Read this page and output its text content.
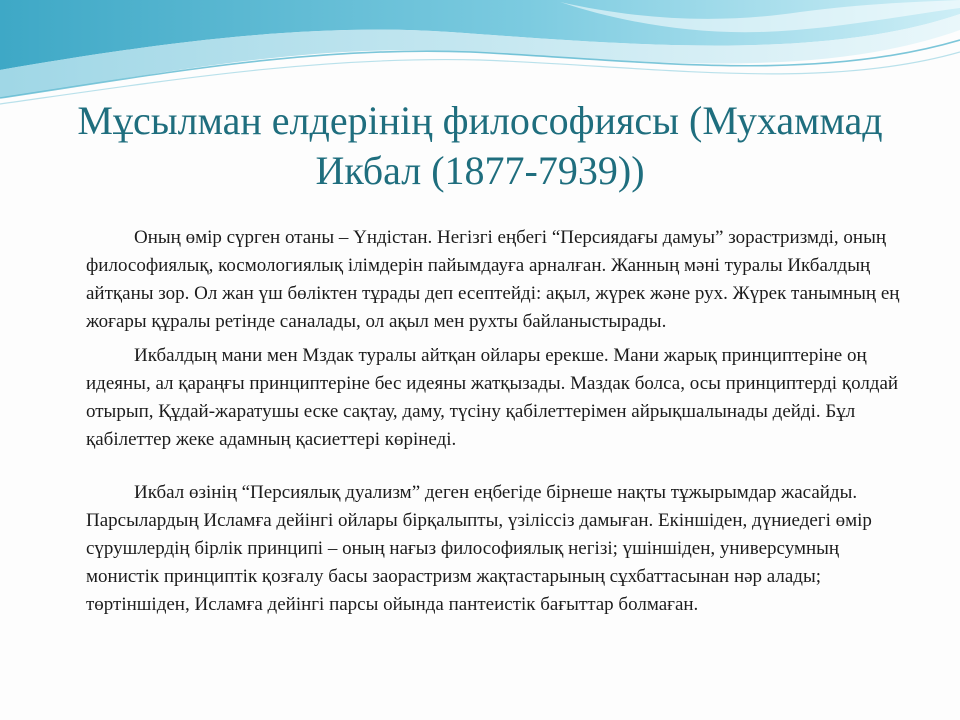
Мұсылман елдерінің философиясы (Мухаммад Икбал (1877-7939))

Оның өмір сүрген отаны – Үндістан. Негізгі еңбегі “Персиядағы дамуы” зорастризмді, оның философиялық, космологиялық ілімдерін пайымдауға арналған. Жанның мәні туралы Икбалдың айтқаны зор. Ол жан үш бөліктен тұрады деп есептейді: ақыл, жүрек және рух. Жүрек танымның ең жоғары құралы ретінде саналады, ол ақыл мен рухты байланыстырады.

Икбалдың мани мен Мздак туралы айтқан ойлары ерекше. Мани жарық принциптеріне оң идеяны, ал қараңғы принциптеріне бес идеяны жатқызады. Маздак болса, осы принциптерді қолдай отырып, Құдай-жаратушы еске сақтау, даму, түсіну қабілеттерімен айрықшалынады дейді. Бұл қабілеттер жеке адамның қасиеттері көрінеді.

Икбал өзінің “Персиялық дуализм” деген еңбегіде бірнеше нақты тұжырымдар жасайды. Парсылардың Исламға дейінгі ойлары бірқалыпты, үзіліссіз дамыған. Екіншіден, дүниедегі өмір сүрушлердің бірлік принципі – оның нағыз философиялық негізі; үшіншіден, универсумның монистік принциптік қозғалу басы заорастризм жақтастарының сұхбаттасынан нәр алады; төртіншіден, Исламға дейінгі парсы ойында пантеистік бағыттар болмаған.
